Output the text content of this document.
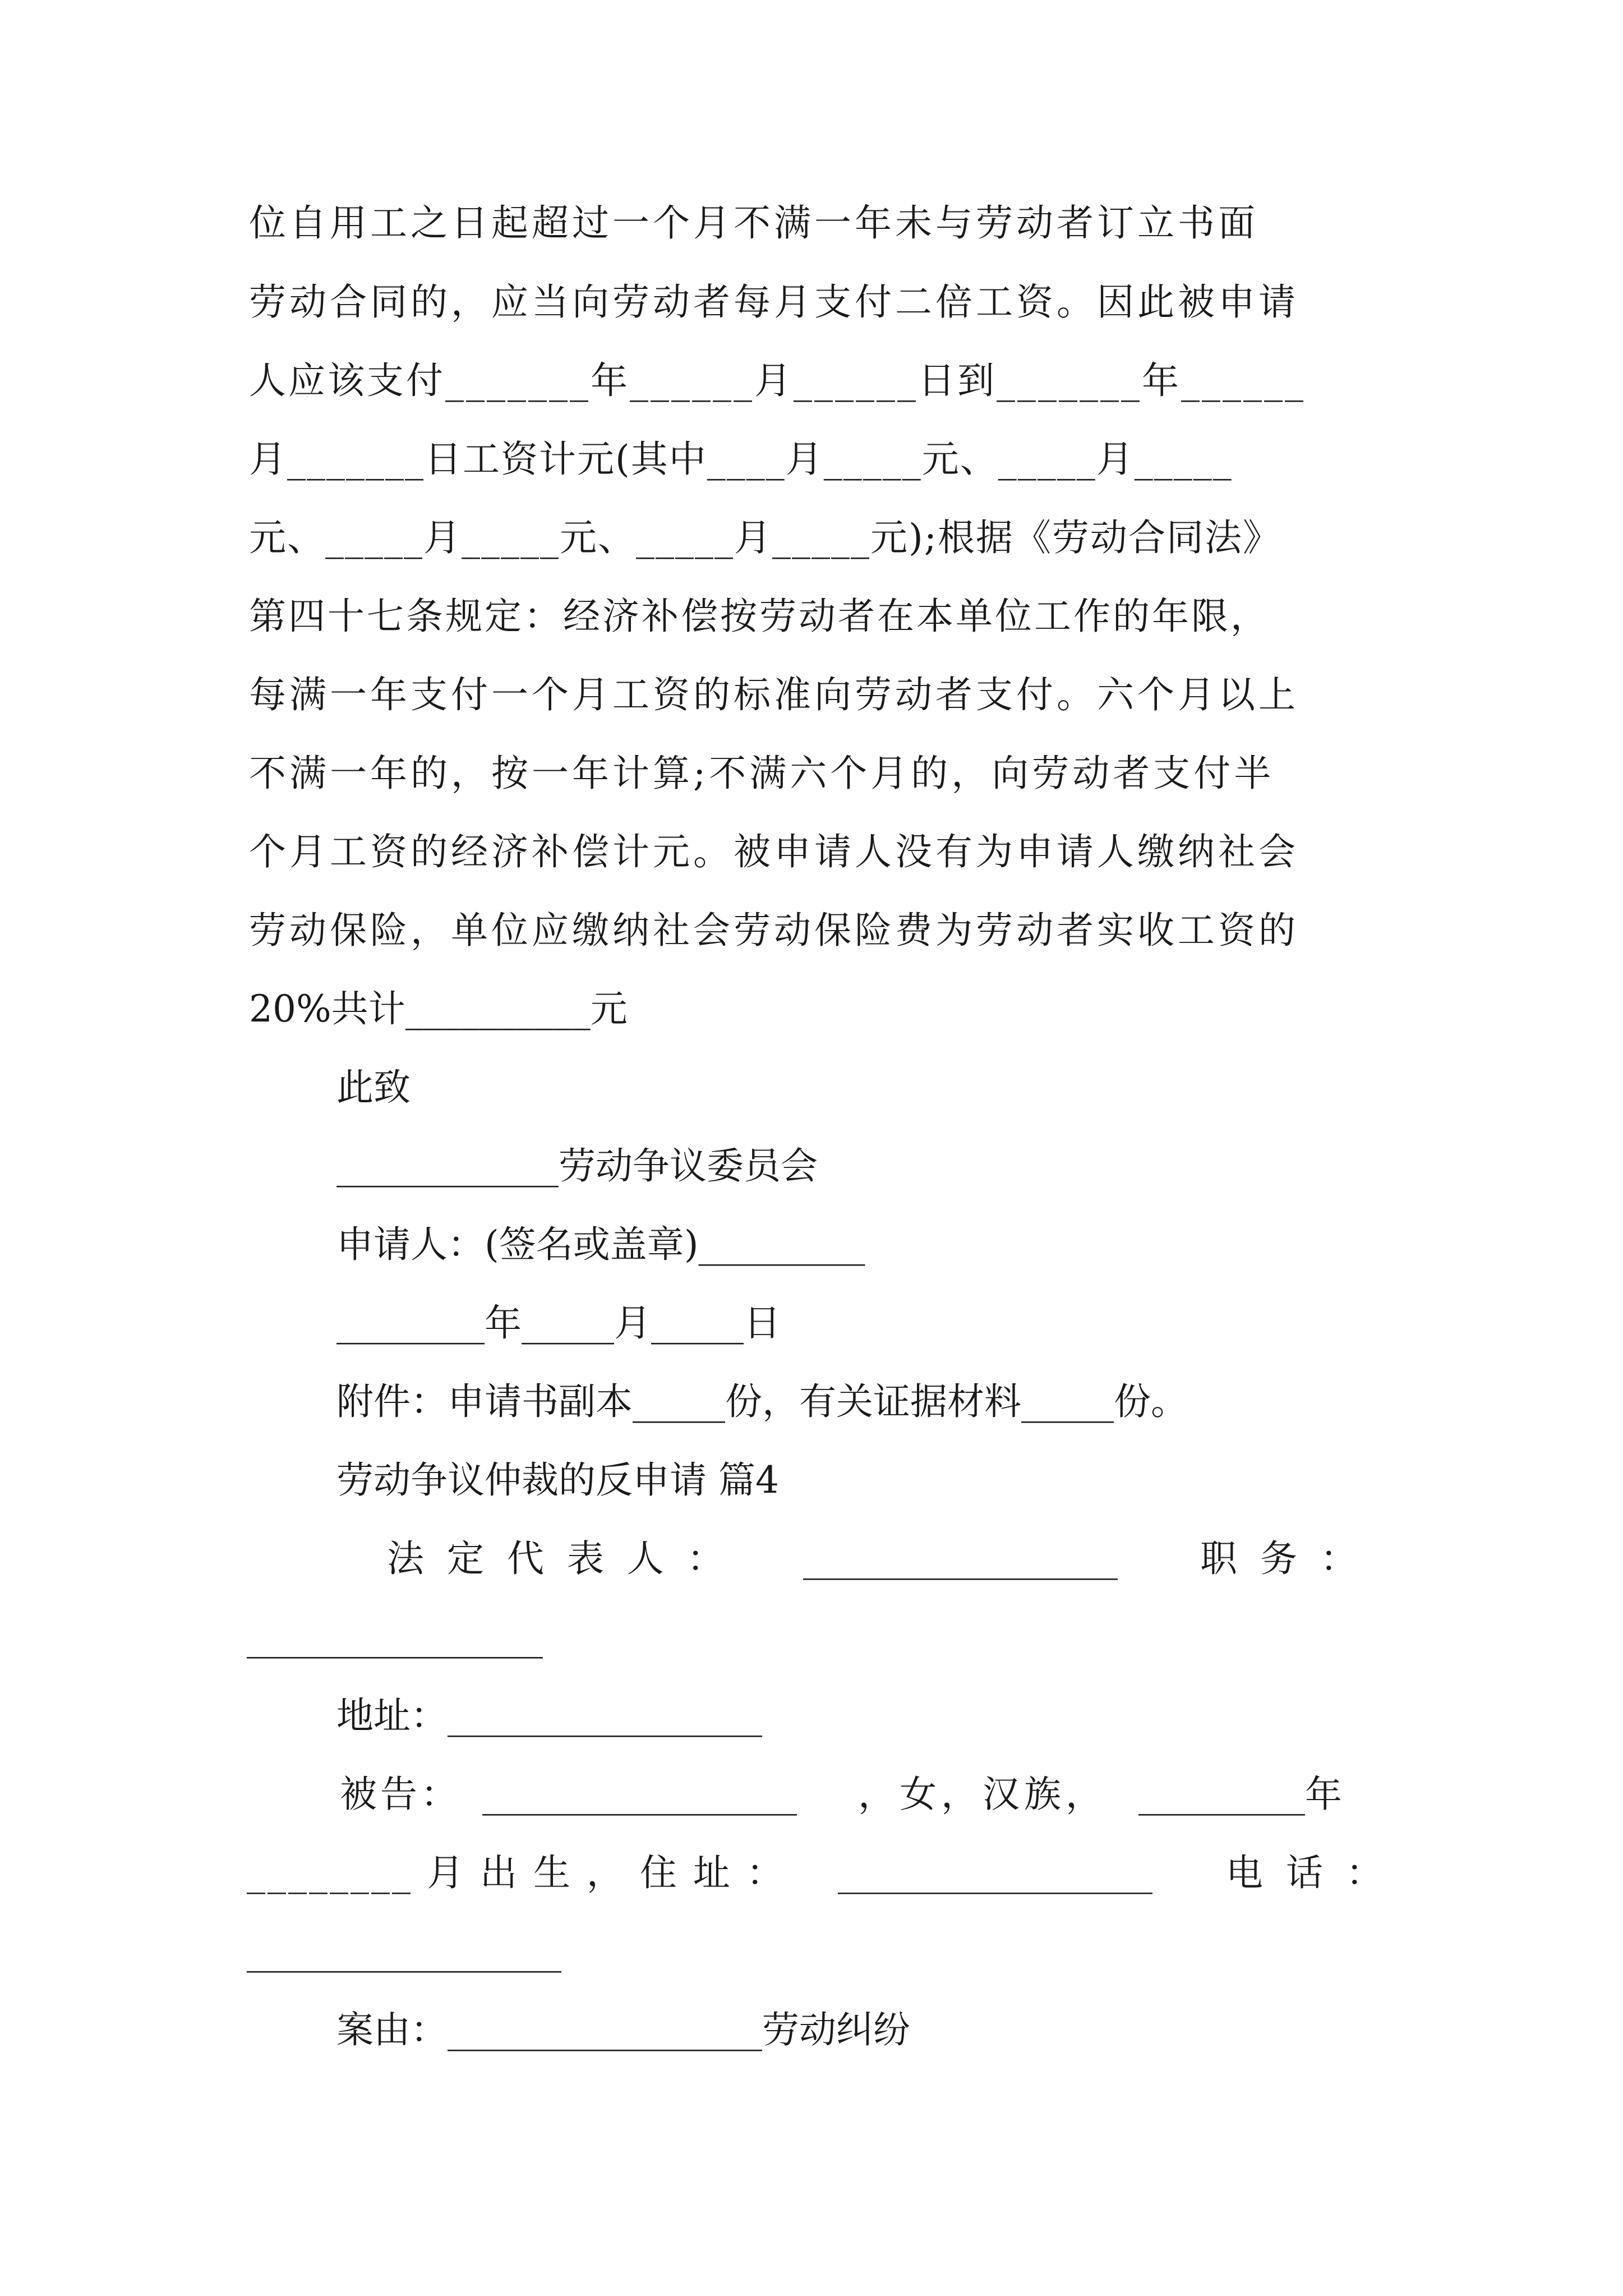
位自用工之日起超过一个月不满一年未与劳动者订立书面
劳动合同的，应当向劳动者每月支付二倍工资。因此被申请
人应该支付_______年______月______日到_______年______
月_______日工资计元(其中____月_____元、_____月_____
元、_____月_____元、_____月_____元);根据《劳动合同法》
第四十七条规定：经济补偿按劳动者在本单位工作的年限，
每满一年支付一个月工资的标准向劳动者支付。六个月以上
不满一年的，按一年计算;不满六个月的，向劳动者支付半
个月工资的经济补偿计元。被申请人没有为申请人缴纳社会
劳动保险，单位应缴纳社会劳动保险费为劳动者实收工资的
20%共计__________元
此致
____________劳动争议委员会
申请人：(签名或盖章)_________
________年_____月_____日
附件：申请书副本_____份，有关证据材料_____份。
劳动争议仲裁的反申请 篇4
法 定 代 表 人 ：	_________________	职 务 ：
________________
地址：_________________
被告： _________________	，女，汉族， _________年
________ 月 出 生 ， 住 址 ：	_________________	电 话 ：
_________________
案由：_________________劳动纠纷
